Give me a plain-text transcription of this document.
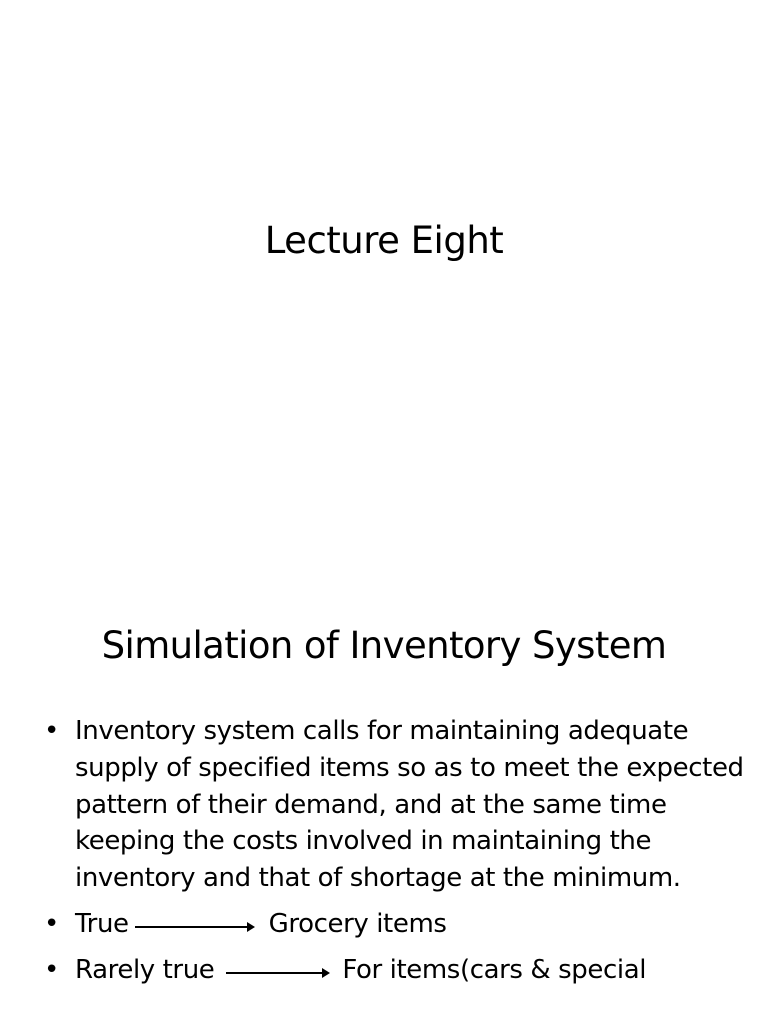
Lecture Eight
Simulation of Inventory System
• Inventory system calls for maintaining adequate supply of specified items so as to meet the expected pattern of their demand, and at the same time keeping the costs involved in maintaining the inventory and that of shortage at the minimum.
• True	Grocery items
• Rarely true	For items(cars & special
